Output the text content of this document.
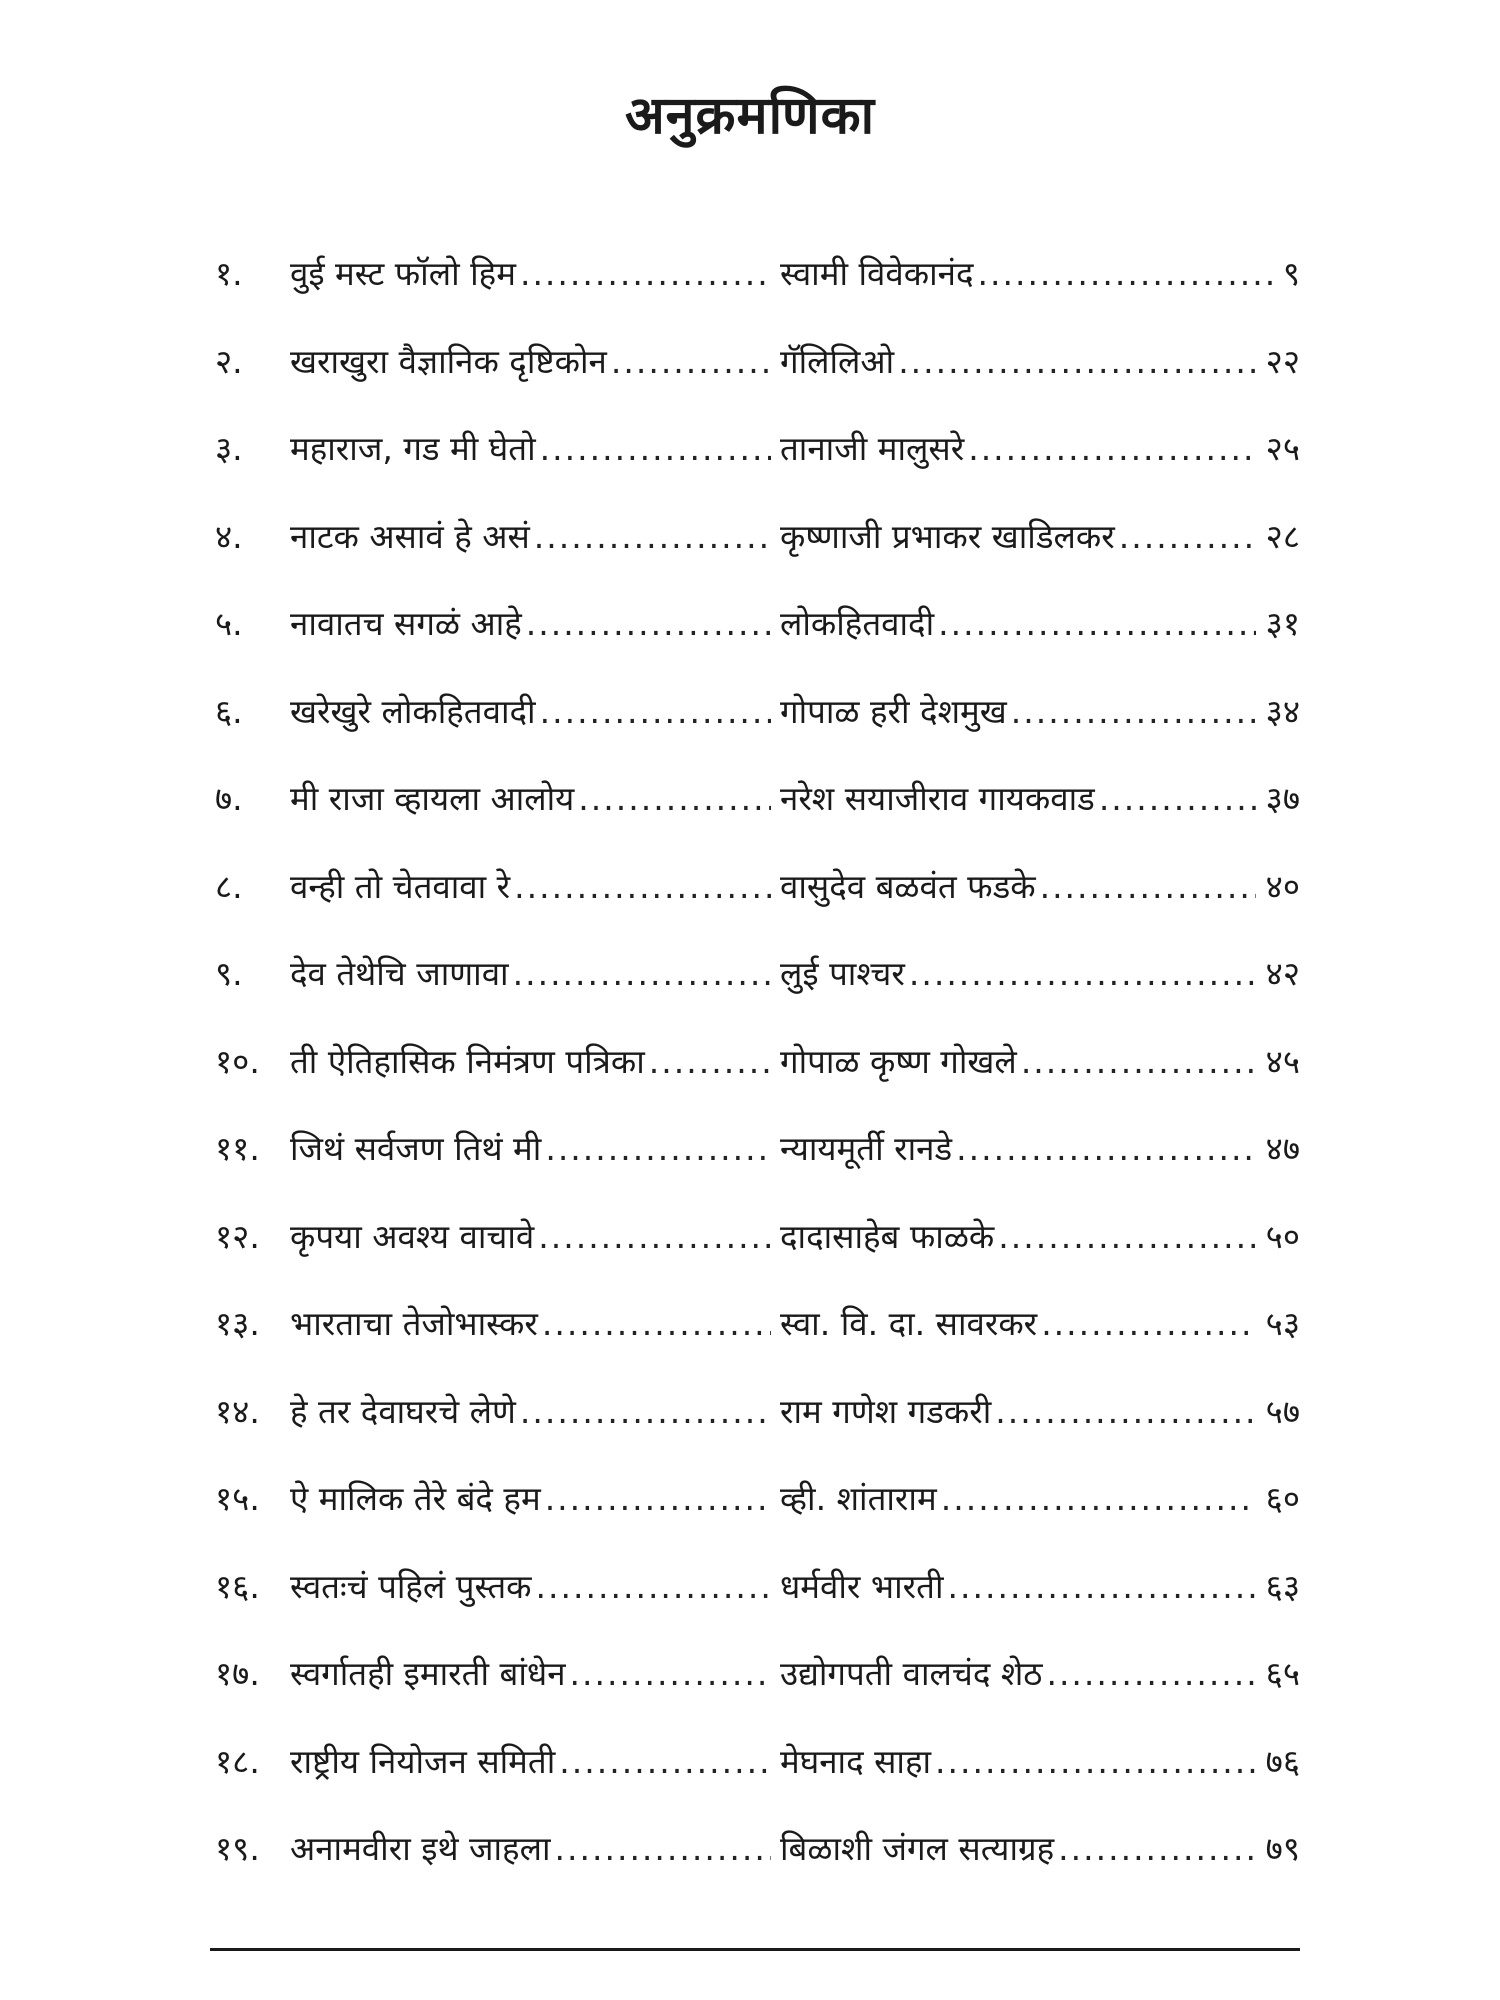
अनुक्रमणिका
१.	वुई मस्ट फॉलो हिम .....	स्वामी विवेकानंद .....	९
२.	खराखुरा वैज्ञानिक दृष्टिकोन .....	गॅलिलिओ .....	२२
३.	महाराज, गड मी घेतो .....	तानाजी मालुसरे .....	२५
४.	नाटक असावं हे असं .....	कृष्णाजी प्रभाकर खाडिलकर .....	२८
५.	नावातच सगळं आहे .....	लोकहितवादी .....	३१
६.	खरेखुरे लोकहितवादी .....	गोपाळ हरी देशमुख .....	३४
७.	मी राजा व्हायला आलोय .....	नरेश सयाजीराव गायकवाड .....	३७
८.	वन्ही तो चेतवावा रे .....	वासुदेव बळवंत फडके .....	४०
९.	देव तेथेचि जाणावा .....	लुई पाश्चर .....	४२
१०. ती ऐतिहासिक निमंत्रण पत्रिका .....	गोपाळ कृष्ण गोखले .....	४५
११. जिथं सर्वजण तिथं मी .....	न्यायमूर्ती रानडे .....	४७
१२. कृपया अवश्य वाचावे .....	दादासाहेब फाळके .....	५०
१३. भारताचा तेजोभास्कर .....	स्वा. वि. दा. सावरकर .....	५३
१४. हे तर देवाघरचे लेणे .....	राम गणेश गडकरी .....	५७
१५. ऐ मालिक तेरे बंदे हम .....	व्ही. शांताराम .....	६०
१६. स्वतःचं पहिलं पुस्तक .....	धर्मवीर भारती .....	६३
१७. स्वर्गातही इमारती बांधेन .....	उद्योगपती वालचंद शेठ .....	६५
१८. राष्ट्रीय नियोजन समिती .....	मेघनाद साहा .....	७६
१९. अनामवीरा इथे जाहला .....	बिळाशी जंगल सत्याग्रह .....	७९
